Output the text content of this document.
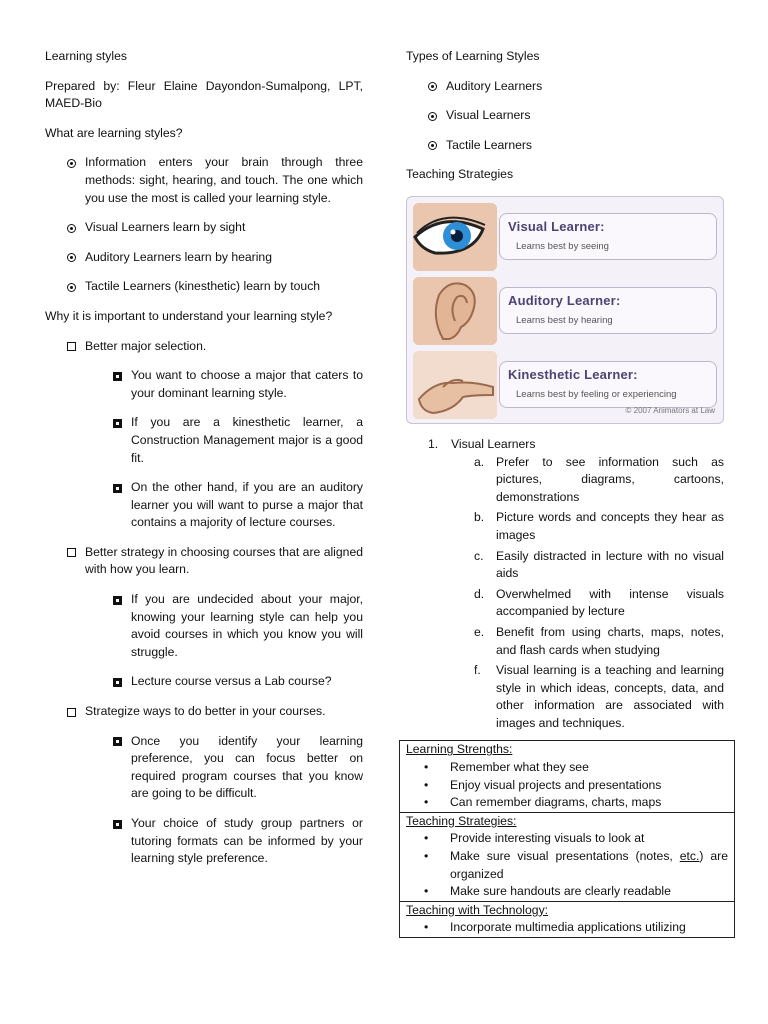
Learning styles

Prepared by: Fleur Elaine Dayondon-Sumalpong, LPT, MAED-Bio

What are learning styles?

Information enters your brain through three methods: sight, hearing, and touch. The one which you use the most is called your learning style.
Visual Learners learn by sight
Auditory Learners learn by hearing
Tactile Learners (kinesthetic) learn by touch

Why it is important to understand your learning style?

Better major selection.
You want to choose a major that caters to your dominant learning style.
If you are a kinesthetic learner, a Construction Management major is a good fit.
On the other hand, if you are an auditory learner you will want to purse a major that contains a majority of lecture courses.
Better strategy in choosing courses that are aligned with how you learn.
If you are undecided about your major, knowing your learning style can help you avoid courses in which you know you will struggle.
Lecture course versus a Lab course?
Strategize ways to do better in your courses.
Once you identify your learning preference, you can focus better on required program courses that you know are going to be difficult.
Your choice of study group partners or tutoring formats can be informed by your learning style preference.

Types of Learning Styles

Auditory Learners
Visual Learners
Tactile Learners

Teaching Strategies

Visual Learner:
Learns best by seeing
Auditory Learner:
Learns best by hearing
Kinesthetic Learner:
Learns best by feeling or experiencing
© 2007 Animators at Law
1.	Visual Learners
a. Prefer to see information such as pictures, diagrams, cartoons, demonstrations
b. Picture words and concepts they hear as images
c.	Easily distracted in lecture with no visual aids
d. Overwhelmed with intense visuals accompanied by lecture
e. Benefit from using charts, maps, notes, and flash cards when studying
f.	Visual learning is a teaching and learning style in which ideas, concepts, data, and other information are associated with images and techniques.
Learning Strengths:
•	Remember what they see
•	Enjoy visual projects and presentations
•	Can remember diagrams, charts, maps

Teaching Strategies:
•	Provide interesting visuals to look at
•	Make sure visual presentations (notes, etc.) are organized
•	Make sure handouts are clearly readable

Teaching with Technology:
•	Incorporate multimedia applications utilizing
